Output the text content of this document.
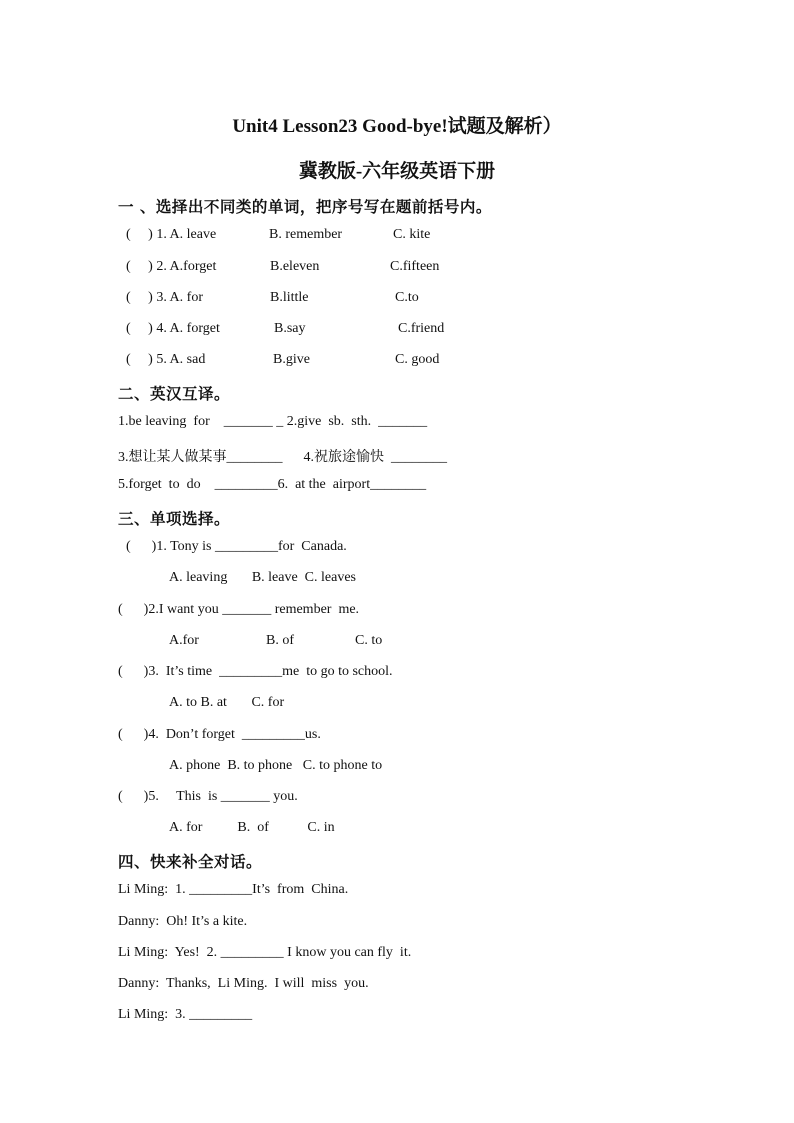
Unit4 Lesson23 Good-bye!试题及解析）
冀教版-六年级英语下册
一 、选择出不同类的单词，把序号写在题前括号内。
(     ) 1. A. leave	B. remember	C. kite
(     ) 2. A.forget	B.eleven	C.fifteen
(     ) 3. A. for	B.little	C.to
(     ) 4. A. forget	B.say	C.friend
(     ) 5. A. sad	B.give	C. good
二、英汉互译。
1.be leaving  for    _______ _ 2.give  sb.  sth.  _______
3.想让某人做某事________      4.祝旅途愉快  ________
5.forget  to  do    _________6.  at the  airport________
三、单项选择。
(      )1. Tony is _________for  Canada.
A. leaving       B. leave  C. leaves
(      )2.I want you _______ remember  me.
A.for	B. of	C. to
(      )3.  It’s time  _________me  to go to school.
A. to B. at       C. for
(      )4.  Don’t forget  _________us.
A. phone  B. to phone   C. to phone to
(      )5.     This  is _______ you.
A. for          B.  of           C. in
四、快来补全对话。
Li Ming:  1. _________It’s  from  China.
Danny:  Oh! It’s a kite.
Li Ming:  Yes!  2. _________ I know you can fly  it.
Danny:  Thanks,  Li Ming.  I will  miss  you.
Li Ming:  3. _________
